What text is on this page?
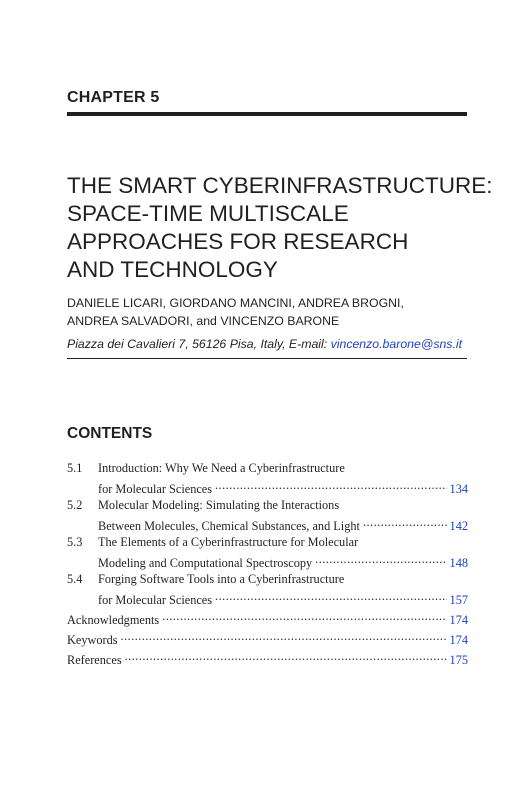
CHAPTER 5
THE SMART CYBERINFRASTRUCTURE:
SPACE-TIME MULTISCALE
APPROACHES FOR RESEARCH
AND TECHNOLOGY
DANIELE LICARI, GIORDANO MANCINI, ANDREA BROGNI,
ANDREA SALVADORI, and VINCENZO BARONE
Piazza dei Cavalieri 7, 56126 Pisa, Italy, E-mail: vincenzo.barone@sns.it
CONTENTS
5.1 Introduction: Why We Need a Cyberinfrastructure
for Molecular Sciences . . .	134
5.2 Molecular Modeling: Simulating the Interactions
Between Molecules, Chemical Substances, and Light . . .	142
5.3 The Elements of a Cyberinfrastructure for Molecular
Modeling and Computational Spectroscopy . . .	148
5.4 Forging Software Tools into a Cyberinfrastructure
for Molecular Sciences . . .	157
Acknowledgments . . .	174
Keywords . . .	174
References . . .	175
